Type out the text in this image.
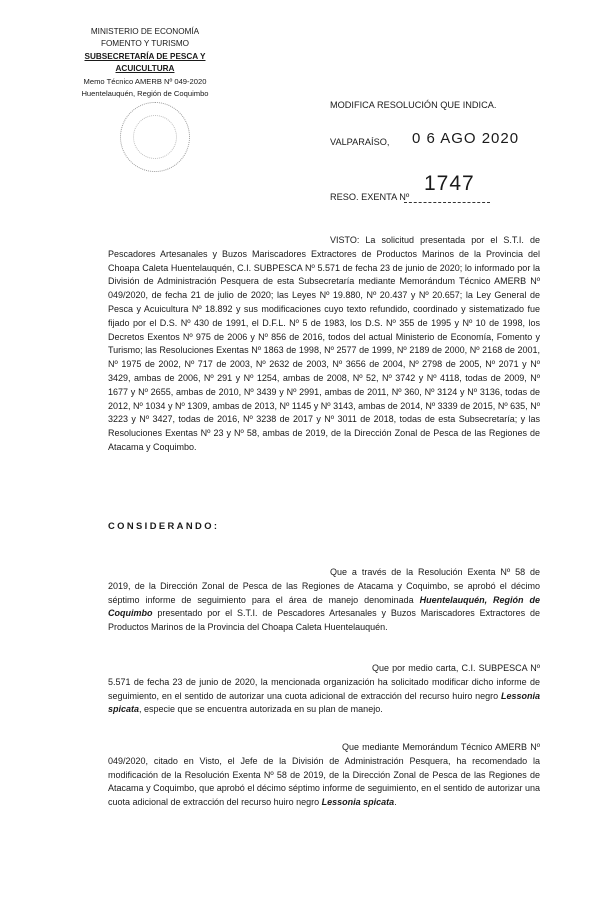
MINISTERIO DE ECONOMÍA
FOMENTO Y TURISMO
SUBSECRETARÍA DE PESCA Y ACUICULTURA
Memo Técnico AMERB Nº 049-2020
Huentelauquén, Región de Coquimbo
MODIFICA RESOLUCIÓN QUE INDICA.
VALPARAÍSO, 0 6 AGO 2020
RESO. EXENTA Nº
1747

VISTO: La solicitud presentada por el S.T.I. de Pescadores Artesanales y Buzos Mariscadores Extractores de Productos Marinos de la Provincia del Choapa Caleta Huentelauquén, C.I. SUBPESCA Nº 5.571 de fecha 23 de junio de 2020; lo informado por la División de Administración Pesquera de esta Subsecretaría mediante Memorándum Técnico AMERB Nº 049/2020, de fecha 21 de julio de 2020; las Leyes Nº 19.880, Nº 20.437 y Nº 20.657; la Ley General de Pesca y Acuicultura Nº 18.892 y sus modificaciones cuyo texto refundido, coordinado y sistematizado fue fijado por el D.S. Nº 430 de 1991, el D.F.L. Nº 5 de 1983, los D.S. Nº 355 de 1995 y Nº 10 de 1998, los Decretos Exentos Nº 975 de 2006 y Nº 856 de 2016, todos del actual Ministerio de Economía, Fomento y Turismo; las Resoluciones Exentas Nº 1863 de 1998, Nº 2577 de 1999, Nº 2189 de 2000, Nº 2168 de 2001, Nº 1975 de 2002, Nº 717 de 2003, Nº 2632 de 2003, Nº 3656 de 2004, Nº 2798 de 2005, Nº 2071 y Nº 3429, ambas de 2006, Nº 291 y Nº 1254, ambas de 2008, Nº 52, Nº 3742 y Nº 4118, todas de 2009, Nº 1677 y Nº 2655, ambas de 2010, Nº 3439 y Nº 2991, ambas de 2011, Nº 360, Nº 3124 y Nº 3136, todas de 2012, Nº 1034 y Nº 1309, ambas de 2013, Nº 1145 y Nº 3143, ambas de 2014, Nº 3339 de 2015, Nº 635, Nº 3223 y Nº 3427, todas de 2016, Nº 3238 de 2017 y Nº 3011 de 2018, todas de esta Subsecretaría; y las Resoluciones Exentas Nº 23 y Nº 58, ambas de 2019, de la Dirección Zonal de Pesca de las Regiones de Atacama y Coquimbo.

CONSIDERANDO:

Que a través de la Resolución Exenta Nº 58 de 2019, de la Dirección Zonal de Pesca de las Regiones de Atacama y Coquimbo, se aprobó el décimo séptimo informe de seguimiento para el área de manejo denominada Huentelauquén, Región de Coquimbo presentado por el S.T.I. de Pescadores Artesanales y Buzos Mariscadores Extractores de Productos Marinos de la Provincia del Choapa Caleta Huentelauquén.

Que por medio carta, C.I. SUBPESCA Nº 5.571 de fecha 23 de junio de 2020, la mencionada organización ha solicitado modificar dicho informe de seguimiento, en el sentido de autorizar una cuota adicional de extracción del recurso huiro negro Lessonia spicata, especie que se encuentra autorizada en su plan de manejo.

Que mediante Memorándum Técnico AMERB Nº 049/2020, citado en Visto, el Jefe de la División de Administración Pesquera, ha recomendado la modificación de la Resolución Exenta Nº 58 de 2019, de la Dirección Zonal de Pesca de las Regiones de Atacama y Coquimbo, que aprobó el décimo séptimo informe de seguimiento, en el sentido de autorizar una cuota adicional de extracción del recurso huiro negro Lessonia spicata.
